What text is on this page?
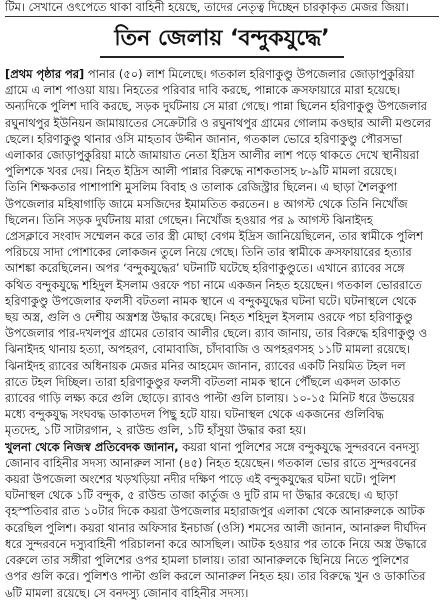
টিম। সেখানে ওৎপেতে থাকা বাহিনী হয়েছে, তাদের নেতৃত্ব দিচ্ছেন চারকাৃকৃত মেজর জিয়া।
তিন জেলায় ‘বন্দুকযুদ্ধে’

[প্রথম পৃষ্ঠার পর] পানার (৫০) লাশ মিলেছে। গতকাল হরিণাকুণ্ডু উপজেলার জোড়াপুকুরিয়া
গ্রামে এ লাশ পাওয়া যায়। নিহতের পরিবার দাবি করছে, পান্নাকে ক্রসফায়ারে মারা হয়েছে।
অন্যদিকে পুলিশ দাবি করছে, সড়ক দুর্ঘটনায় সে মারা গেছে। পান্না ছিলেন হরিণাকুণ্ডু উপজেলার
রঘুনাথপুর ইউনিয়ন জামায়াতের সেক্রেটারি ও রঘুনাথপুর গ্রামের গোলাম কওছার আলী মণ্ডলের
ছেলে। হরিণাকুণ্ডু থানার ওসি মাহতাব উদ্দীন জানান, গতকাল ভোরে হরিণাকুণ্ডু পৌরসভা
এলাকার জোড়াপুকুরিয়া মাঠে জামায়াত নেতা ইদ্রিস আলীর লাশ পড়ে থাকতে দেখে স্থানীয়রা
পুলিশকে খবর দেয়। নিহত ইদ্রিস আলী পান্নার বিরুদ্ধে নাশকতাসহ ৮-৯টি মামলা রয়েছে।
তিনি শিক্ষকতার পাশাপাশি মুসলিম বিবাহ ও তালাক রেজিস্ট্রার ছিলেন। এ ছাড়া শৈলকুপা
উপজেলার মহিষাগাড়ি জামে মসজিদের ইমামতিত করতেন। ৪ আগস্ট থেকে তিনি নিখোঁজ
ছিলেন। তিনি সড়ক দুর্ঘটনায় মারা গেছেন। নিখোঁজ হওয়ার পর ৯ আগস্ট ঝিনাইদহ
প্রেসক্লাবে সংবাদ সম্মেলন করে তার স্ত্রী মোছা বেগম ইদ্রিস জানিয়েছিলেন, তার স্বামীকে পুলিশ
পরিচয়ে সাদা পোশাকের লোকজন তুলে নিয়ে গেছে। তিনি তার স্বামীকে ক্রসফায়ারের হত্যার
আশঙ্কা করেছিলেন। অপর ‘বন্দুকযুদ্ধের’ ঘটনাটি ঘটেছে হরিণাকুণ্ডুতে। এখানে র‌্যাবের সঙ্গে
কথিত বন্দুকযুদ্ধে শহিদুল ইসলাম ওরফে পচা নামে একজন নিহত হয়েছেন। গতকাল ভোররাতে
হরিণাকুণ্ডু উপজেলার ফলসী বটতলা নামক স্থানে এ বন্দুকযুদ্ধের ঘটনা ঘটে। ঘটনাস্থলে থেকে
ছয় অস্ত্র, গুলি ও দেশীয় অস্ত্রশস্ত্র উদ্ধার করেছে। নিহত শহিদুল ইসলাম ওরফে পচা হরিণাকুণ্ডু
উপজেলার পার-দখলপুর গ্রামের তোরাব আলীর ছেলে। র‌্যাব জানায়, তার বিরুদ্ধে হরিণাকুণ্ডু ও
ঝিনাইদহ থানায় হত্যা, অপহরণ, বোমাবাজি, চাঁদাবাজি ও অপহরণসহ ১১টি মামলা রয়েছে।
ঝিনাইদহ র‌্যাবের অধিনায়ক মেজর মনির আহমেদ জানান, র‌্যাবের একটি নিয়মিত টহল দল
রাতে টহল দিচ্ছিল। তারা হরিণাকুণ্ডুর ফলসী বটতলা নামক স্থানে পৌঁছলে একদল ডাকাত
র‌্যাবের গাড়ি লক্ষ্য করে গুলি ছোড়ে। র‌্যাবও পাল্টা গুলি চালায়। ১০-১৫ মিনিট ধরে উভয়ের
মধ্যে বন্দুকযুদ্ধ সংঘবদ্ধ ডাকাতদল পিছু হটে যায়। ঘটনাস্থল থেকে একজনের গুলিবিদ্ধ
মৃতদেহ, ১টি সাটারগান, ২ রাউন্ড গুলি, ১টি হাঁসুয়া উদ্ধার করা হয়।

খুলনা থেকে নিজস্ব প্রতিবেদক জানান, কয়রা থানা পুলিশের সঙ্গে বন্দুকযুদ্ধে সুন্দরবনে বনদস্যু
জোনাব বাহিনীর সদস্য আনারুল সানা (৪৫) নিহত হয়েছেন। গতকাল ভোর রাতে সুন্দরবনের
কয়রা উপজেলা অংশের খড়খড়িয়া নদীর দক্ষিণ পাড়ে এই বন্দুকযুদ্ধের ঘটনা ঘটে। পুলিশ
ঘটনাস্থল থেকে ১টি বন্দুক, ৫ রাউন্ড তাজা কার্তুজ ও দুটি রাম দা উদ্ধার করেছে। এ ছাড়া
বৃহস্পতিবার রাত ১০টার দিকে কয়রা উপজেলার মহারাজপুর এলাকা থেকে আনারুলকে আটক
করেছিল পুলিশ। কয়রা থানার অফিসার ইনচার্জ (ওসি) শমসের আলী জানান, আনারুল দীর্ঘদিন
ধরে সুন্দরবনে দস্যুবাহিনী পরিচালনা করে আসছিল। আটক হওয়ার পর তাকে নিয়ে অস্ত্র উদ্ধারে
বেরুলে তার সঙ্গীরা পুলিশের ওপর হামলা চালায়। তারা আনারুলকে ছিনিয়ে নিতে পুলিশের
ওপর গুলি করে। পুলিশও পাল্টা গুলি করলে আনারুল নিহত হয়। তার বিরুদ্ধে খুন ও ডাকাতির
৬টি মামলা রয়েছে। সে বনদস্যু জোনাব বাহিনীর সদস্য।
